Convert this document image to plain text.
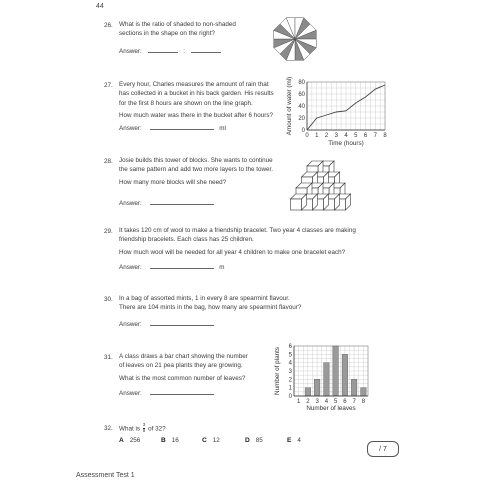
44
26. What is the ratio of shaded to non-shaded
sections in the shape on the right?
Answer:	:
27. Every hour, Charles measures the amount of rain that
has collected in a bucket in his back garden. His results
for the first 8 hours are shown on the line graph.
How much water was there in the bucket after 6 hours?
Answer:	ml	0
20
40
60
80
0 1 2 3 4 5 6 7 8
Time (hours)
Amount of water (ml)
28. Josie builds this tower of blocks. She wants to continue
the same pattern and add two more layers to the tower.
How many more blocks will she need?
Answer:
29. It takes 120 cm of wool to make a friendship bracelet. Two year 4 classes are making
friendship bracelets. Each class has 25 children.
How much wool will be needed for all year 4 children to make one bracelet each?
Answer:	m
30. In a bag of assorted mints, 1 in every 8 are spearmint flavour.
There are 104 mints in the bag, how many are spearmint flavour?
Answer:
31. A class draws a bar chart showing the number
of leaves on 21 pea plants they are growing.
What is the most common number of leaves?
Answer:	0
1
2
3
4
5
6
1 2 3 4 5 6 7 8
Number of leaves
Number of plants
32. What is $\frac{3}{8}$ of 32?
A 256	B 16	C 12	D 85	E 4
/ 7
Assessment Test 1
